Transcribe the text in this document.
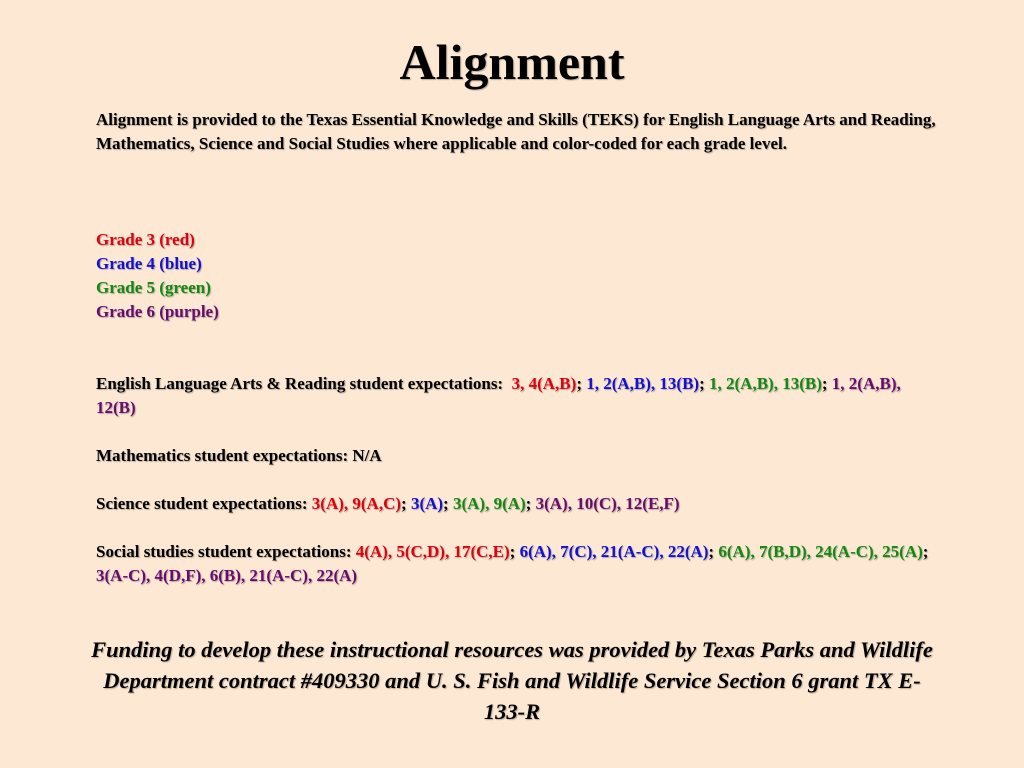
Alignment
Alignment is provided to the Texas Essential Knowledge and Skills (TEKS) for English Language Arts and Reading, Mathematics, Science and Social Studies where applicable and color-coded for each grade level.
Grade 3 (red)
Grade 4 (blue)
Grade 5 (green)
Grade 6 (purple)
English Language Arts & Reading student expectations: 3, 4(A,B); 1, 2(A,B), 13(B); 1, 2(A,B), 13(B); 1, 2(A,B), 12(B)
Mathematics student expectations: N/A
Science student expectations: 3(A), 9(A,C); 3(A); 3(A), 9(A); 3(A), 10(C), 12(E,F)
Social studies student expectations: 4(A), 5(C,D), 17(C,E); 6(A), 7(C), 21(A-C), 22(A); 6(A), 7(B,D), 24(A-C), 25(A); 3(A-C), 4(D,F), 6(B), 21(A-C), 22(A)

Funding to develop these instructional resources was provided by Texas Parks and Wildlife Department contract #409330 and U. S. Fish and Wildlife Service Section 6 grant TX E-133-R
